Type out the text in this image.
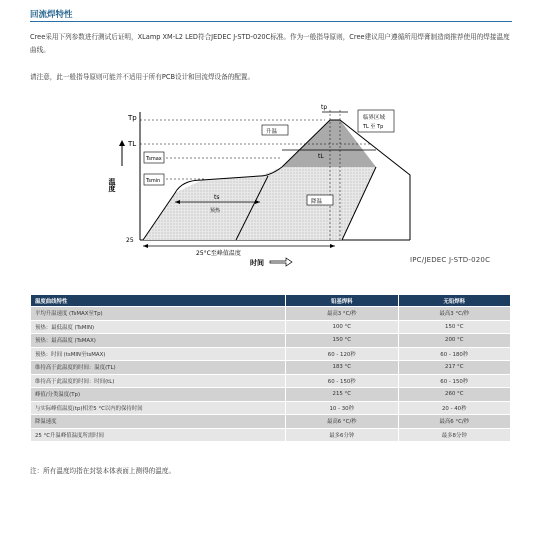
回流焊特性
Cree采用下列参数进行测试后证明，XLamp XM-L2 LED符合JEDEC J-STD-020C标准。作为一般指导原则，Cree建议用户遵循所用焊膏制造商推荐使用的焊接温度曲线。
请注意，此一般指导原则可能并不适用于所有PCB设计和回流焊设备的配置。
Tp
TL
Tsmax
Tsmin
温度
ts
预热
tp
tL
升温
降温
临界区域
TL 至 Tp
25
25°C至峰值温度
时间	IPC/JEDEC J-STD-020C
温度曲线特性	铅基焊料	无铅焊料
平均升温速度 (TsMAX至Tp)	最高3 °C/秒	最高3 °C/秒
预热：最低温度 (TsMIN)	100 °C	150 °C
预热：最高温度 (TsMAX)	150 °C	200 °C
预热：时间 (tsMIN至tsMAX)	60 - 120秒	60 - 180秒
维持高于此温度的时间：温度(TL)	183 °C	217 °C
维持高于此温度的时间：时间(tL)	60 - 150秒	60 - 150秒
峰值/分类温度(Tp)	215 °C	260 °C
与实际峰值温度(tp)相差5 °C以内的保持时间	10 - 30秒	20 - 40秒
降温速度	最高6 °C/秒	最高6 °C/秒
25 °C升温峰值温度所需时间	最多6分钟	最多8分钟
注：所有温度均指在封装本体表面上测得的温度。
